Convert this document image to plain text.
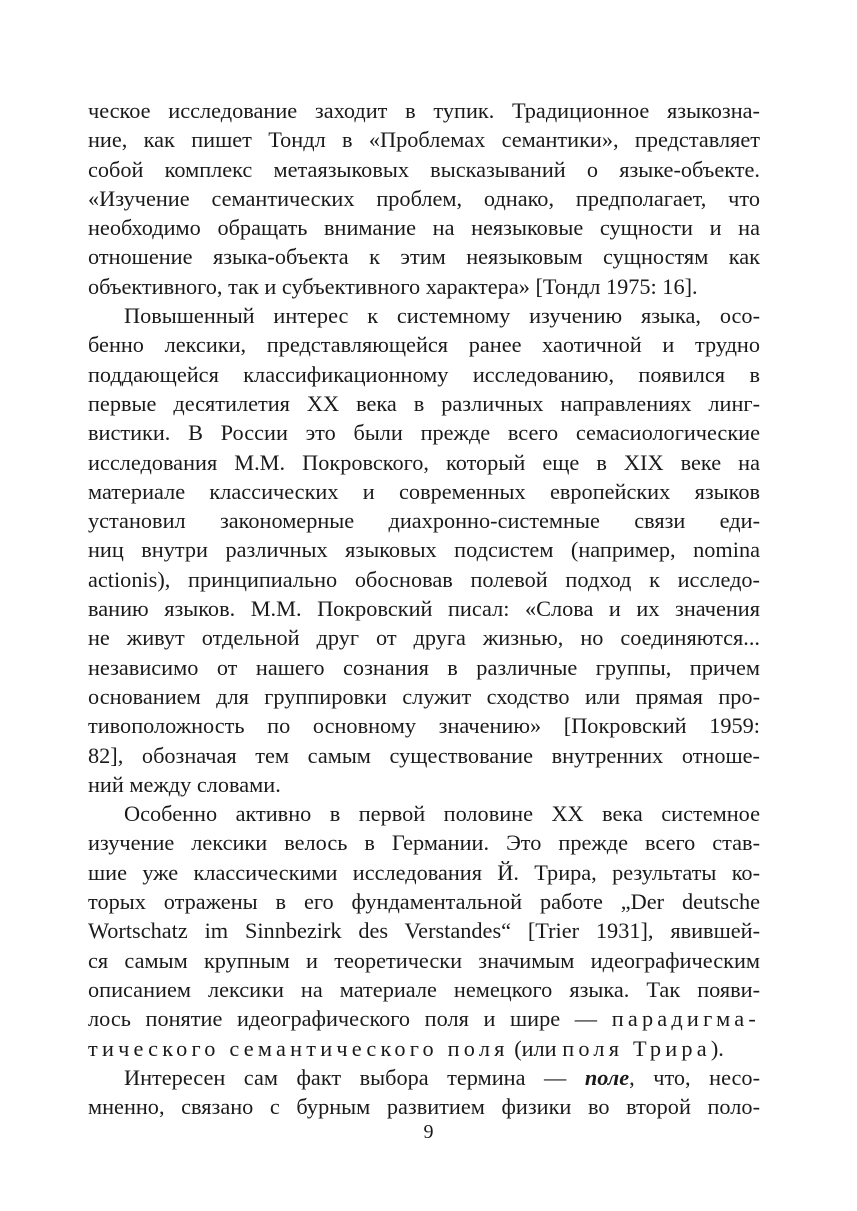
ческое исследование заходит в тупик. Традиционное языкозна-
ние, как пишет Тондл в «Проблемах семантики», представляет
собой комплекс метаязыковых высказываний о языке-объекте.
«Изучение семантических проблем, однако, предполагает, что
необходимо обращать внимание на неязыковые сущности и на
отношение языка-объекта к этим неязыковым сущностям как
объективного, так и субъективного характера» [Тондл 1975: 16].
Повышенный интерес к системному изучению языка, осо-
бенно лексики, представляющейся ранее хаотичной и трудно
поддающейся классификационному исследованию, появился в
первые десятилетия XX века в различных направлениях линг-
вистики. В России это были прежде всего семасиологические
исследования М.М. Покровского, который еще в XIX веке на
материале классических и современных европейских языков
установил закономерные диахронно-системные связи еди-
ниц внутри различных языковых подсистем (например, nomina
actionis), принципиально обосновав полевой подход к исследо-
ванию языков. М.М. Покровский писал: «Слова и их значения
не живут отдельной друг от друга жизнью, но соединяются...
независимо от нашего сознания в различные группы, причем
основанием для группировки служит сходство или прямая про-
тивоположность по основному значению» [Покровский 1959:
82], обозначая тем самым существование внутренних отноше-
ний между словами.
Особенно активно в первой половине XX века системное
изучение лексики велось в Германии. Это прежде всего став-
шие уже классическими исследования Й. Трира, результаты ко-
торых отражены в его фундаментальной работе „Der deutsche
Wortschatz im Sinnbezirk des Verstandes“ [Trier 1931], явившей-
ся самым крупным и теоретически значимым идеографическим
описанием лексики на материале немецкого языка. Так появи-
лось понятие идеографического поля и шире — парадигма-
тического семантического поля (или поля Трира).
Интересен сам факт выбора термина — поле, что, несо-
мненно, связано с бурным развитием физики во второй поло-
9
